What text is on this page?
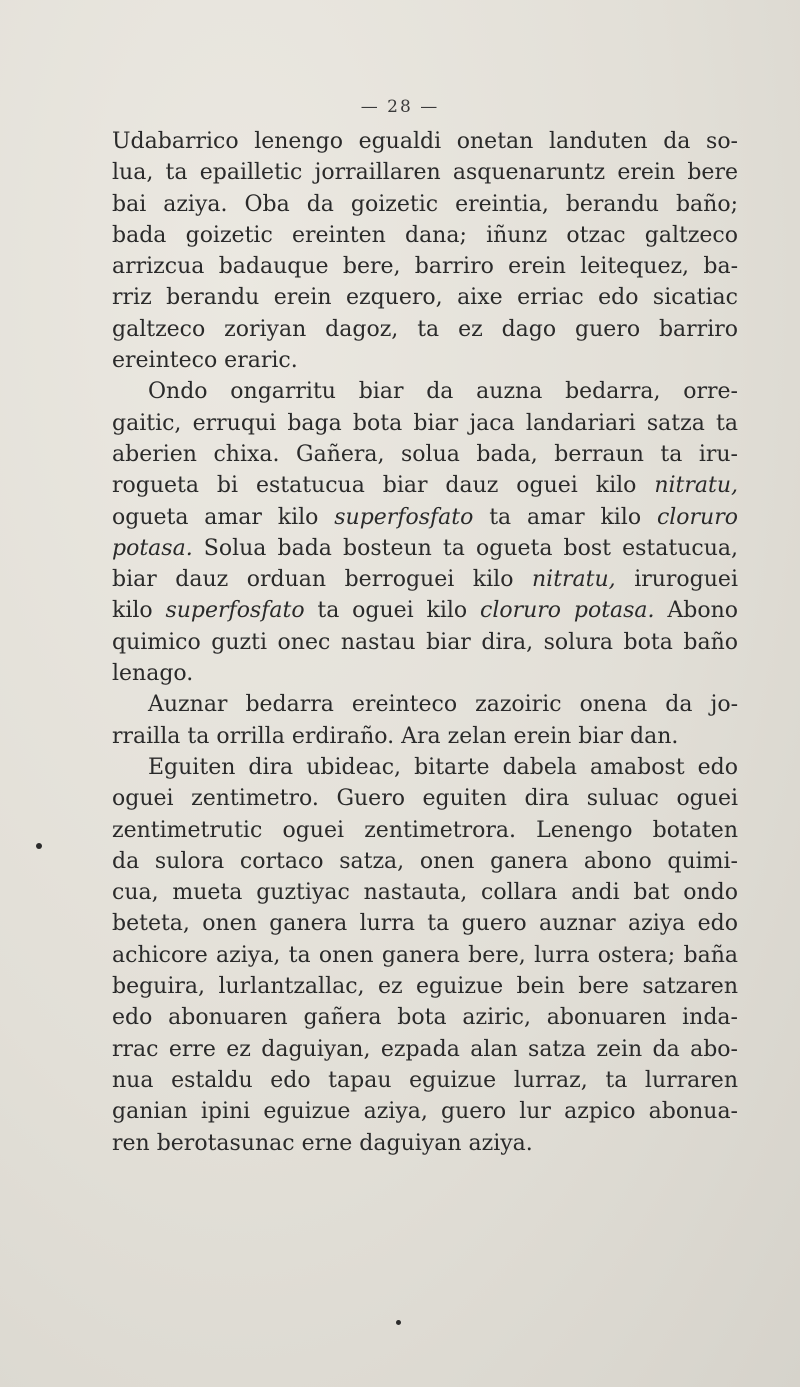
— 28 —
Udabarrico lenengo egualdi onetan landuten da so-
lua, ta epailletic jorraillaren asquenaruntz erein bere
bai aziya. Oba da goizetic ereintia, berandu baño;
bada goizetic ereinten dana; iñunz otzac galtzeco
arrizcua badauque bere, barriro erein leitequez, ba-
rriz berandu erein ezquero, aixe erriac edo sicatiac
galtzeco zoriyan dagoz, ta ez dago guero barriro
ereinteco eraric.
Ondo ongarritu biar da auzna bedarra, orre-
gaitic, erruqui baga bota biar jaca landariari satza ta
aberien chixa. Gañera, solua bada, berraun ta iru-
rogueta bi estatucua biar dauz oguei kilo nitratu,
ogueta amar kilo superfosfato ta amar kilo cloruro
potasa. Solua bada bosteun ta ogueta bost estatucua,
biar dauz orduan berroguei kilo nitratu, iruroguei
kilo superfosfato ta oguei kilo cloruro potasa. Abono
quimico guzti onec nastau biar dira, solura bota baño
lenago.
Auznar bedarra ereinteco zazoiric onena da jo-
rrailla ta orrilla erdiraño. Ara zelan erein biar dan.
Eguiten dira ubideac, bitarte dabela amabost edo
oguei zentimetro. Guero eguiten dira suluac oguei
zentimetrutic oguei zentimetrora. Lenengo botaten
da sulora cortaco satza, onen ganera abono quimi-
cua, mueta guztiyac nastauta, collara andi bat ondo
beteta, onen ganera lurra ta guero auznar aziya edo
achicore aziya, ta onen ganera bere, lurra ostera; baña
beguira, lurlantzallac, ez eguizue bein bere satzaren
edo abonuaren gañera bota aziric, abonuaren inda-
rrac erre ez daguiyan, ezpada alan satza zein da abo-
nua estaldu edo tapau eguizue lurraz, ta lurraren
ganian ipini eguizue aziya, guero lur azpico abonua-
ren berotasunac erne daguiyan aziya.
